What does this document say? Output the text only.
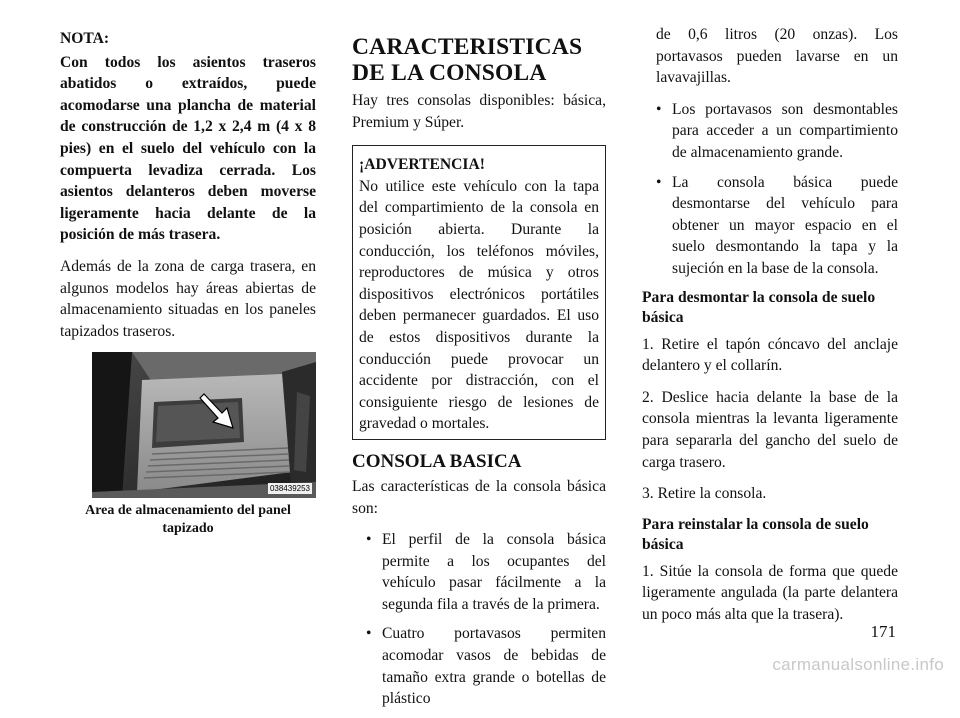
NOTA:

Con todos los asientos traseros abatidos o extraídos, puede acomodarse una plancha de material de construcción de 1,2 x 2,4 m (4 x 8 pies) en el suelo del vehículo con la compuerta levadiza cerrada. Los asientos delanteros deben moverse ligeramente hacia delante de la posición de más trasera.

Además de la zona de carga trasera, en algunos modelos hay áreas abiertas de almacenamiento situadas en los paneles tapizados traseros.

038439253

Area de almacenamiento del panel
tapizado

CARACTERISTICAS DE LA CONSOLA

Hay tres consolas disponibles: básica, Premium y Súper.

¡ADVERTENCIA!

No utilice este vehículo con la tapa del compartimiento de la consola en posición abierta. Durante la conducción, los teléfonos móviles, reproductores de música y otros dispositivos electrónicos portátiles deben permanecer guardados. El uso de estos dispositivos durante la conducción puede provocar un accidente por distracción, con el consiguiente riesgo de lesiones de gravedad o mortales.

CONSOLA BASICA

Las características de la consola básica son:

• El perfil de la consola básica permite a los ocupantes del vehículo pasar fácilmente a la segunda fila a través de la primera.
• Cuatro portavasos permiten acomodar vasos de bebidas de tamaño extra grande o botellas de plástico

de 0,6 litros (20 onzas). Los portavasos pueden lavarse en un lavavajillas.

• Los portavasos son desmontables para acceder a un compartimiento de almacenamiento grande.
• La consola básica puede desmontarse del vehículo para obtener un mayor espacio en el suelo desmontando la tapa y la sujeción en la base de la consola.
Para desmontar la consola de suelo básica

1. Retire el tapón cóncavo del anclaje delantero y el collarín.

2. Deslice hacia delante la base de la consola mientras la levanta ligeramente para separarla del gancho del suelo de carga trasero.

3. Retire la consola.

Para reinstalar la consola de suelo básica

1. Sitúe la consola de forma que quede ligeramente angulada (la parte delantera un poco más alta que la trasera).

171
carmanualsonline.info
